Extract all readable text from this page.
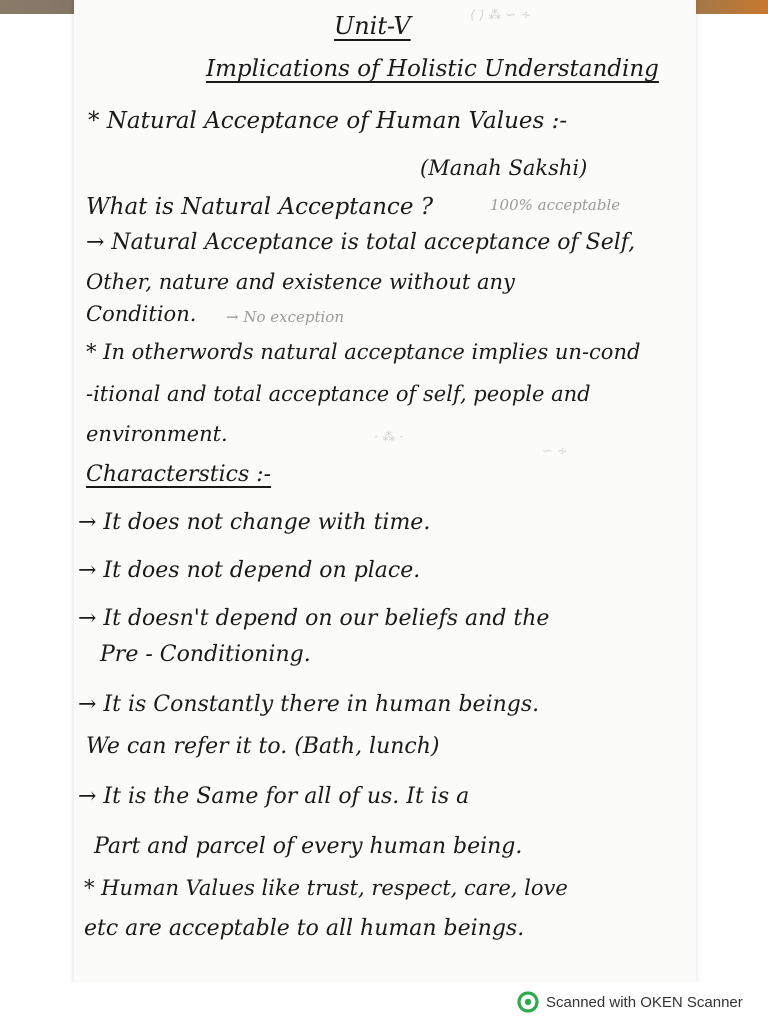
⟨ ⟩ ⁂ ∽ ∻

Unit-V

Implications of Holistic Understanding

* Natural Acceptance of Human Values :-

(Manah Sakshi)

What is Natural Acceptance ?	100% acceptable

→ Natural Acceptance is total acceptance of Self,

Other, nature and existence without any

Condition. → No exception

* In otherwords natural acceptance implies un-cond

-itional and total acceptance of self, people and

environment.

Characterstics :-

→ It does not change with time.

→ It does not depend on place.

→ It doesn't depend on our beliefs and the

Pre - Conditioning.

→ It is Constantly there in human beings.

We can refer it to. (Bath, lunch)

→ It is the Same for all of us. It is a

Part and parcel of every human being.

* Human Values like trust, respect, care, love

etc are acceptable to all human beings.

· ⁂ ·
∽ ∻
Scanned with OKEN Scanner
